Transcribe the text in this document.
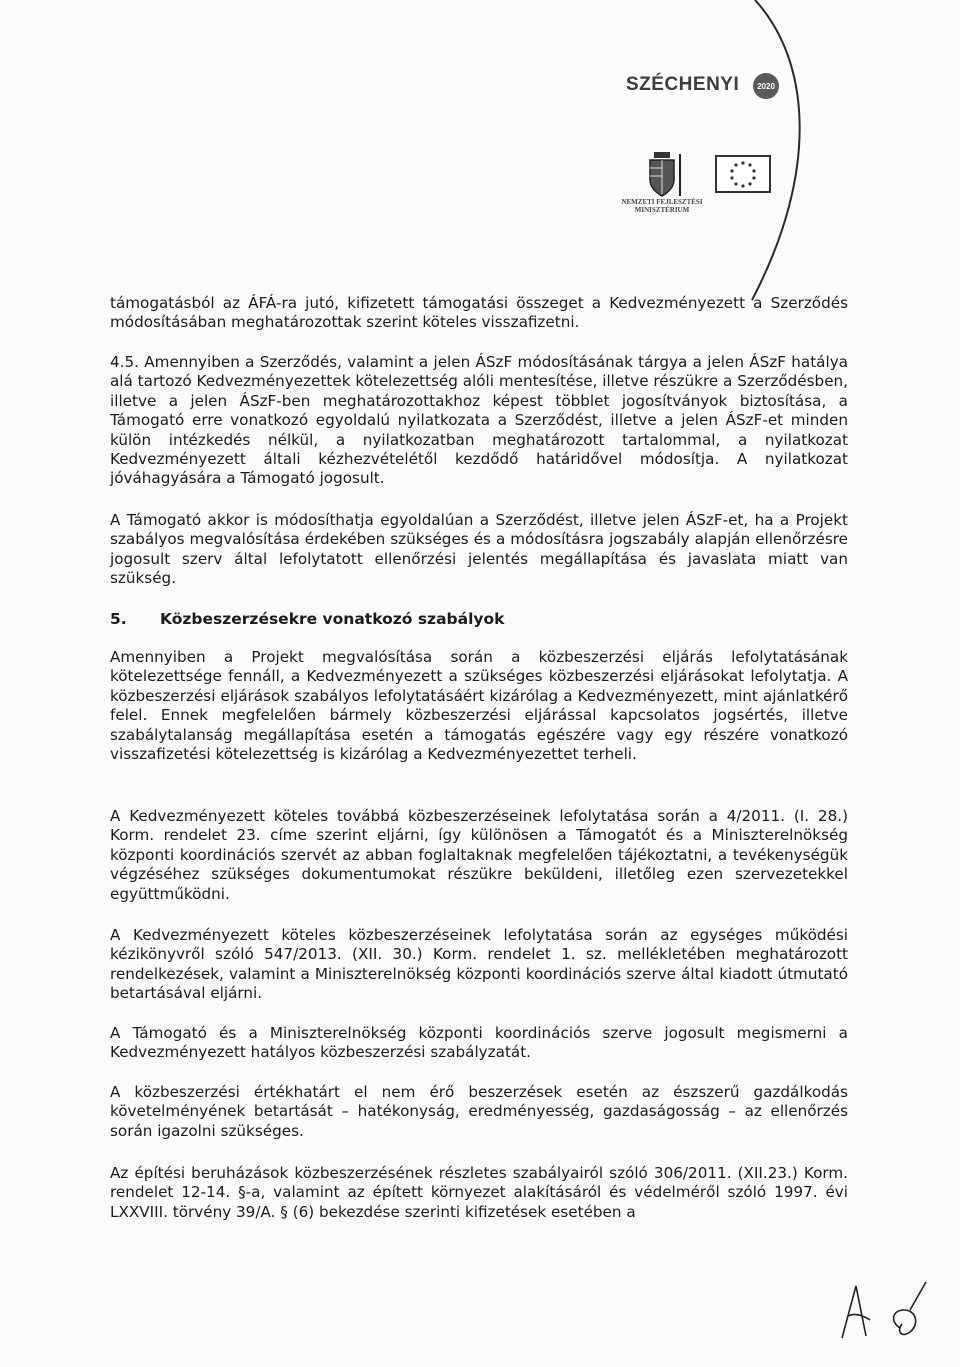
SZÉCHENYI	2020
NEMZETI FEJLESZTÉSI
MINISZTÉRIUM

támogatásból az ÁFÁ-ra jutó, kifizetett támogatási összeget a Kedvezményezett a Szerződés módosításában meghatározottak szerint köteles visszafizetni.

4.5. Amennyiben a Szerződés, valamint a jelen ÁSzF módosításának tárgya a jelen ÁSzF hatálya alá tartozó Kedvezményezettek kötelezettség alóli mentesítése, illetve részükre a Szerződésben, illetve a jelen ÁSzF-ben meghatározottakhoz képest többlet jogosítványok biztosítása, a Támogató erre vonatkozó egyoldalú nyilatkozata a Szerződést, illetve a jelen ÁSzF-et minden külön intézkedés nélkül, a nyilatkozatban meghatározott tartalommal, a nyilatkozat Kedvezményezett általi kézhezvételétől kezdődő határidővel módosítja. A nyilatkozat jóváhagyására a Támogató jogosult.

A Támogató akkor is módosíthatja egyoldalúan a Szerződést, illetve jelen ÁSzF-et, ha a Projekt szabályos megvalósítása érdekében szükséges és a módosításra jogszabály alapján ellenőrzésre jogosult szerv által lefolytatott ellenőrzési jelentés megállapítása és javaslata miatt van szükség.

5. Közbeszerzésekre vonatkozó szabályok

Amennyiben a Projekt megvalósítása során a közbeszerzési eljárás lefolytatásának kötelezettsége fennáll, a Kedvezményezett a szükséges közbeszerzési eljárásokat lefolytatja. A közbeszerzési eljárások szabályos lefolytatásáért kizárólag a Kedvezményezett, mint ajánlatkérő felel. Ennek megfelelően bármely közbeszerzési eljárással kapcsolatos jogsértés, illetve szabálytalanság megállapítása esetén a támogatás egészére vagy egy részére vonatkozó visszafizetési kötelezettség is kizárólag a Kedvezményezettet terheli.

A Kedvezményezett köteles továbbá közbeszerzéseinek lefolytatása során a 4/2011. (I. 28.) Korm. rendelet 23. címe szerint eljárni, így különösen a Támogatót és a Miniszterelnökség központi koordinációs szervét az abban foglaltaknak megfelelően tájékoztatni, a tevékenységük végzéséhez szükséges dokumentumokat részükre beküldeni, illetőleg ezen szervezetekkel együttműködni.

A Kedvezményezett köteles közbeszerzéseinek lefolytatása során az egységes működési kézikönyvről szóló 547/2013. (XII. 30.) Korm. rendelet 1. sz. mellékletében meghatározott rendelkezések, valamint a Miniszterelnökség központi koordinációs szerve által kiadott útmutató betartásával eljárni.

A Támogató és a Miniszterelnökség központi koordinációs szerve jogosult megismerni a Kedvezményezett hatályos közbeszerzési szabályzatát.

A közbeszerzési értékhatárt el nem érő beszerzések esetén az észszerű gazdálkodás követelményének betartását – hatékonyság, eredményesség, gazdaságosság – az ellenőrzés során igazolni szükséges.

Az építési beruházások közbeszerzésének részletes szabályairól szóló 306/2011. (XII.23.) Korm. rendelet 12-14. §-a, valamint az épített környezet alakításáról és védelméről szóló 1997. évi LXXVIII. törvény 39/A. § (6) bekezdése szerinti kifizetések esetében a
